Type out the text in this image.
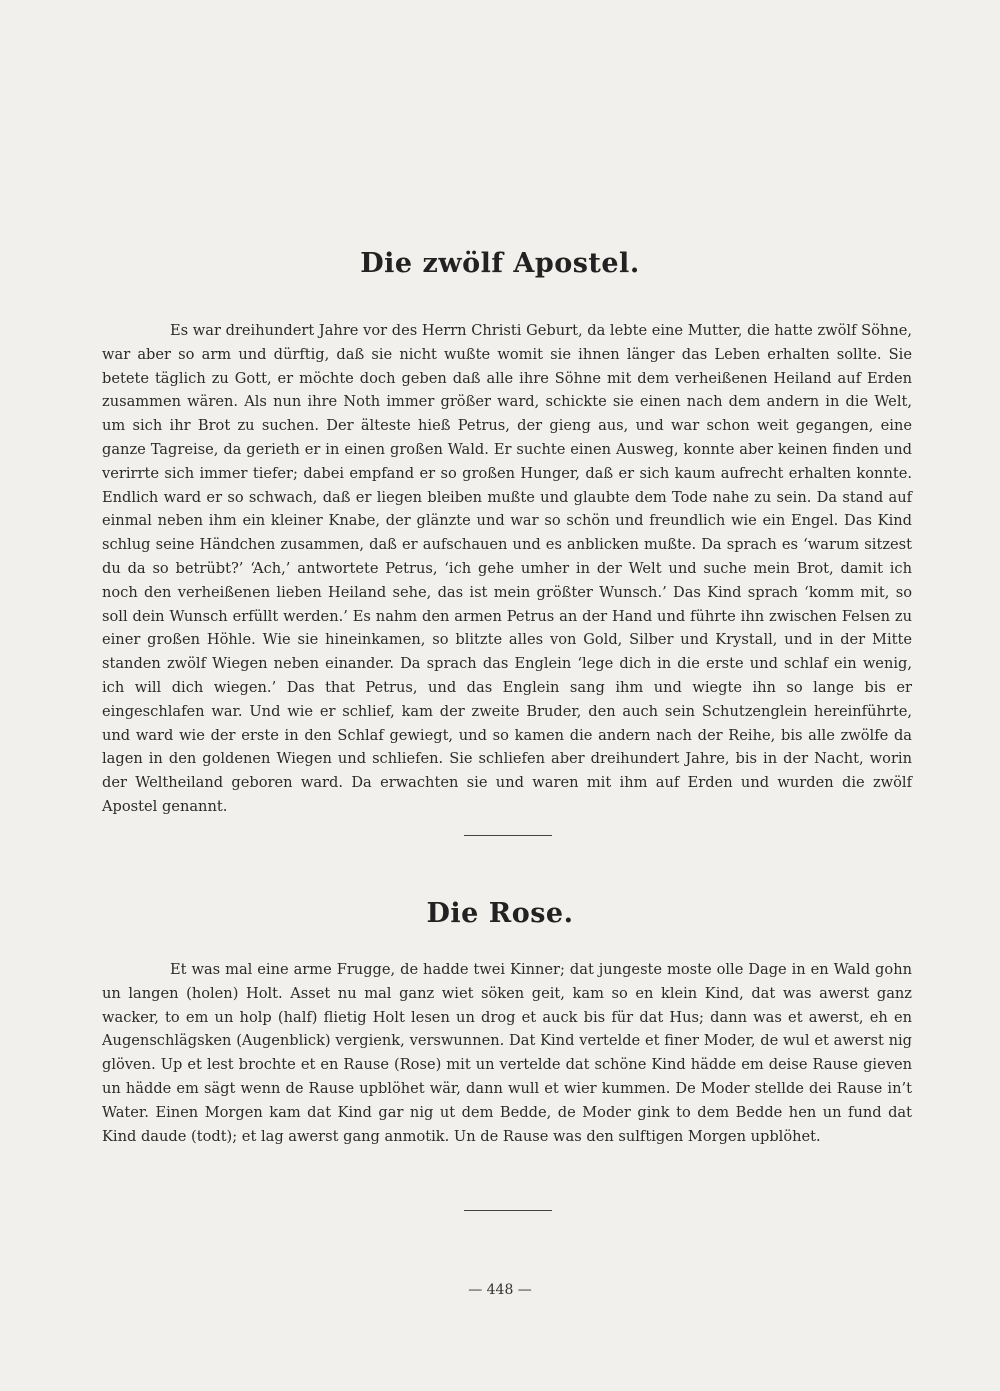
Die zwölf Apostel.

Es war dreihundert Jahre vor des Herrn Christi Geburt, da lebte eine Mutter, die hatte zwölf Söhne, war aber so arm und dürftig, daß sie nicht wußte womit sie ihnen länger das Leben erhalten sollte. Sie betete täglich zu Gott, er möchte doch geben daß alle ihre Söhne mit dem verheißenen Heiland auf Erden zusammen wären. Als nun ihre Noth immer größer ward, schickte sie einen nach dem andern in die Welt, um sich ihr Brot zu suchen. Der älteste hieß Petrus, der gieng aus, und war schon weit gegangen, eine ganze Tagreise, da gerieth er in einen großen Wald. Er suchte einen Ausweg, konnte aber keinen finden und verirrte sich immer tiefer; dabei empfand er so großen Hunger, daß er sich kaum aufrecht erhalten konnte. Endlich ward er so schwach, daß er liegen bleiben mußte und glaubte dem Tode nahe zu sein. Da stand auf einmal neben ihm ein kleiner Knabe, der glänzte und war so schön und freundlich wie ein Engel. Das Kind schlug seine Händchen zusammen, daß er aufschauen und es anblicken mußte. Da sprach es ‘warum sitzest du da so betrübt?’ ‘Ach,’ antwortete Petrus, ‘ich gehe umher in der Welt und suche mein Brot, damit ich noch den verheißenen lieben Heiland sehe, das ist mein größter Wunsch.’ Das Kind sprach ‘komm mit, so soll dein Wunsch erfüllt werden.’ Es nahm den armen Petrus an der Hand und führte ihn zwischen Felsen zu einer großen Höhle. Wie sie hineinkamen, so blitzte alles von Gold, Silber und Krystall, und in der Mitte standen zwölf Wiegen neben einander. Da sprach das Englein ‘lege dich in die erste und schlaf ein wenig, ich will dich wiegen.’ Das that Petrus, und das Englein sang ihm und wiegte ihn so lange bis er eingeschlafen war. Und wie er schlief, kam der zweite Bruder, den auch sein Schutzenglein hereinführte, und ward wie der erste in den Schlaf gewiegt, und so kamen die andern nach der Reihe, bis alle zwölfe da lagen in den goldenen Wiegen und schliefen. Sie schliefen aber dreihundert Jahre, bis in der Nacht, worin der Weltheiland geboren ward. Da erwachten sie und waren mit ihm auf Erden und wurden die zwölf Apostel genannt.

Die Rose.

Et was mal eine arme Frugge, de hadde twei Kinner; dat jungeste moste olle Dage in en Wald gohn un langen (holen) Holt. Asset nu mal ganz wiet söken geit, kam so en klein Kind, dat was awerst ganz wacker, to em un holp (half) flietig Holt lesen un drog et auck bis für dat Hus; dann was et awerst, eh en Augenschlägsken (Augenblick) vergienk, verswunnen. Dat Kind vertelde et finer Moder, de wul et awerst nig glöven. Up et lest brochte et en Rause (Rose) mit un vertelde dat schöne Kind hädde em deise Rause gieven un hädde em sägt wenn de Rause upblöhet wär, dann wull et wier kummen. De Moder stellde dei Rause in’t Water. Einen Morgen kam dat Kind gar nig ut dem Bedde, de Moder gink to dem Bedde hen un fund dat Kind daude (todt); et lag awerst gang anmotik. Un de Rause was den sulftigen Morgen upblöhet.

— 448 —
